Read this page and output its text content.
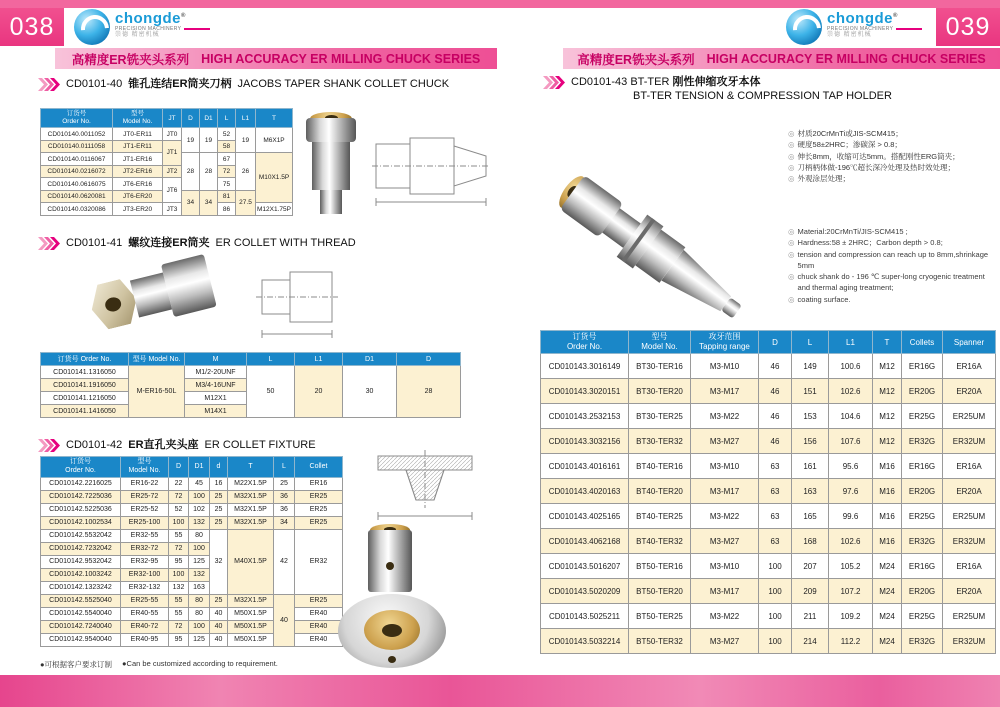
038	039
chongde®
PRECISION MACHINERY
崇德 精密机械
chongde®
PRECISION MACHINERY
崇德 精密机械
高精度ER铣夹头系列 HIGH ACCURACY ER MILLING CHUCK SERIES	高精度ER铣夹头系列 HIGH ACCURACY ER MILLING CHUCK SERIES
CD0101-40 锥孔连结ER筒夹刀柄 JACOBS TAPER SHANK COLLET CHUCK
订货号
Order No.

型号
Model No.	JT	D	D1	L	L1	T
CD010140.0011052	JT0-ER11	JT0	19	19	52	19	M6X1P
CD010140.0111058	JT1-ER11	JT1			58		
CD010140.0116067	JT1-ER16		28	28	67	26	M10X1.5P
CD010140.0216072	JT2-ER16	JT2			72		
CD010140.0616075	JT6-ER16	JT6			75		
CD010140.0620081	JT6-ER20		34	34	81	27.5	
CD010140.0320086	JT3-ER20	JT3			86		M12X1.75P
CD0101-41 螺纹连接ER筒夹 ER COLLET WITH THREAD
订货号 Order No.	型号 Model No.	M	L	L1	D1	D
CD010141.1316050	M-ER16-50L	M1/2-20UNF	50	20	30	28
CD010141.1916050		M3/4-16UNF				
CD010141.1216050		M12X1				
CD010141.1416050		M14X1				
CD0101-42 ER直孔夹头座 ER COLLET FIXTURE
订货号
Order No.

型号
Model No.	D	D1	d	T	L	Collet
CD010142.2216025	ER16-22	22	45	16	M22X1.5P	25	ER16
CD010142.7225036	ER25-72	72	100	25	M32X1.5P	36	ER25
CD010142.5225036	ER25-52	52	102	25	M32X1.5P	36	ER25
CD010142.1002534	ER25-100	100	132	25	M32X1.5P	34	ER25
CD010142.5532042	ER32-55	55	80	32	M40X1.5P	42	ER32
CD010142.7232042	ER32-72	72	100				
CD010142.9532042	ER32-95	95	125				
CD010142.1003242	ER32-100	100	132				
CD010142.1323242	ER32-132	132	163				
CD010142.5525040	ER25-55	55	80	25	M32X1.5P	40	ER25
CD010142.5540040	ER40-55	55	80	40	M50X1.5P		ER40
CD010142.7240040	ER40-72	72	100	40	M50X1.5P		ER40
CD010142.9540040	ER40-95	95	125	40	M50X1.5P		ER40
●可根据客户要求订制 ●Can be customized according to requirement.
CD0101-43 BT-TER 刚性伸缩攻牙本体
BT-TER TENSION & COMPRESSION TAP HOLDER
◎ 材质20CrMnTi或JIS-SCM415；
◎ 硬度58±2HRC；渗碳深 > 0.8；
◎ 伸长8mm，收缩可达5mm。搭配刚性ERG筒夹；
◎ 刀柄柄体做-196℃超长深冷处理及热时效处理；
◎ 外观涂层处理；
◎ Material:20CrMnTi/JIS-SCM415 ;
◎ Hardness:58 ± 2HRC；Carbon depth > 0.8;
◎ tension and compression can reach up to 8mm,shrinkage 5mm
◎ chuck shank do - 196 ℃ super-long cryogenic treatment and thermal aging treatment;
◎ coating surface.
订货号
Order No.

型号
Model No.

攻牙范围
Tapping range	D	L	L1	T	Collets	Spanner
CD010143.3016149	BT30-TER16	M3-M10	46	149	100.6	M12	ER16G	ER16A
CD010143.3020151	BT30-TER20	M3-M17	46	151	102.6	M12	ER20G	ER20A
CD010143.2532153	BT30-TER25	M3-M22	46	153	104.6	M12	ER25G	ER25UM
CD010143.3032156	BT30-TER32	M3-M27	46	156	107.6	M12	ER32G	ER32UM
CD010143.4016161	BT40-TER16	M3-M10	63	161	95.6	M16	ER16G	ER16A
CD010143.4020163	BT40-TER20	M3-M17	63	163	97.6	M16	ER20G	ER20A
CD010143.4025165	BT40-TER25	M3-M22	63	165	99.6	M16	ER25G	ER25UM
CD010143.4062168	BT40-TER32	M3-M27	63	168	102.6	M16	ER32G	ER32UM
CD010143.5016207	BT50-TER16	M3-M10	100	207	105.2	M24	ER16G	ER16A
CD010143.5020209	BT50-TER20	M3-M17	100	209	107.2	M24	ER20G	ER20A
CD010143.5025211	BT50-TER25	M3-M22	100	211	109.2	M24	ER25G	ER25UM
CD010143.5032214	BT50-TER32	M3-M27	100	214	112.2	M24	ER32G	ER32UM
